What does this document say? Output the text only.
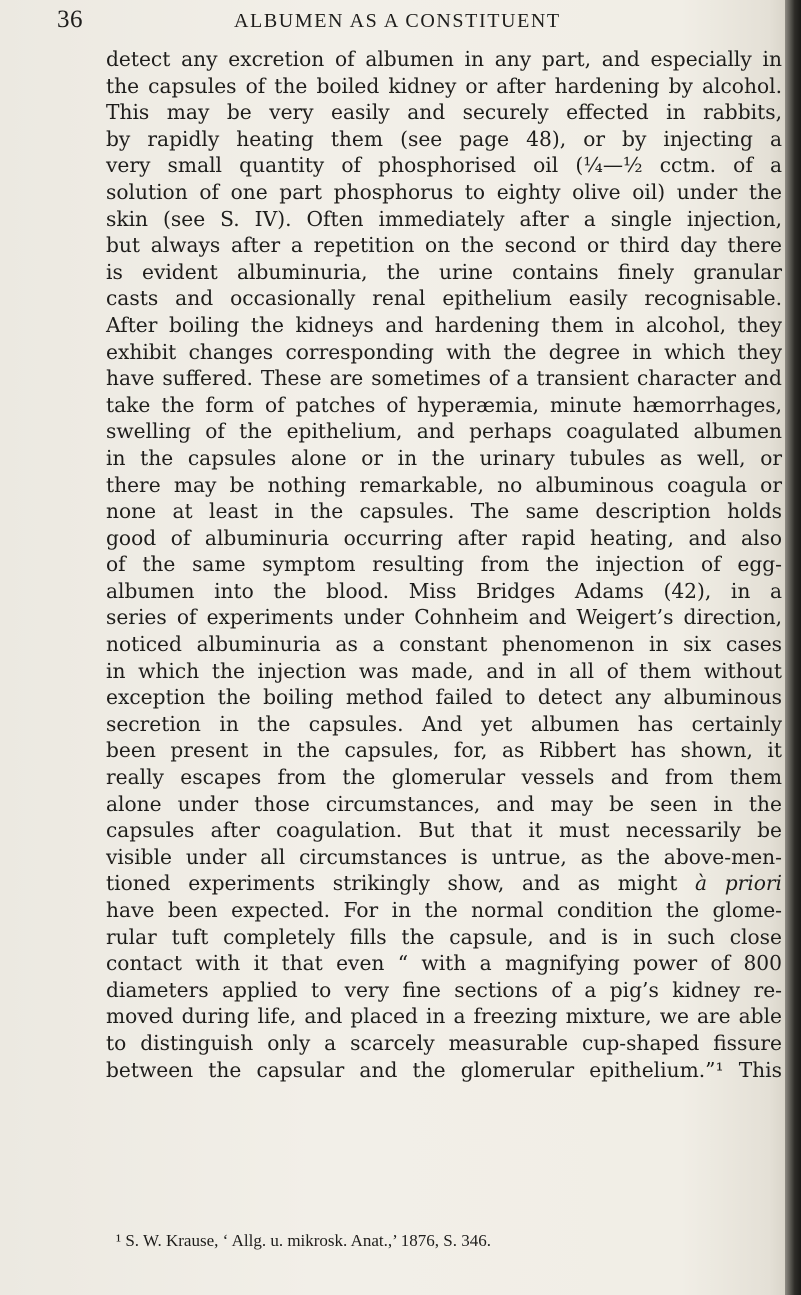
36	ALBUMEN AS A CONSTITUENT
detect any excretion of albumen in any part, and especially in
the capsules of the boiled kidney or after hardening by alcohol.
This may be very easily and securely effected in rabbits,
by rapidly heating them (see page 48), or by injecting a
very small quantity of phosphorised oil (¼—½ cctm. of a
solution of one part phosphorus to eighty olive oil) under the
skin (see S. IV). Often immediately after a single injection,
but always after a repetition on the second or third day there
is evident albuminuria, the urine contains finely granular
casts and occasionally renal epithelium easily recognisable.
After boiling the kidneys and hardening them in alcohol, they
exhibit changes corresponding with the degree in which they
have suffered. These are sometimes of a transient character and
take the form of patches of hyperæmia, minute hæmorrhages,
swelling of the epithelium, and perhaps coagulated albumen
in the capsules alone or in the urinary tubules as well, or
there may be nothing remarkable, no albuminous coagula or
none at least in the capsules. The same description holds
good of albuminuria occurring after rapid heating, and also
of the same symptom resulting from the injection of egg-
albumen into the blood. Miss Bridges Adams (42), in a
series of experiments under Cohnheim and Weigert’s direction,
noticed albuminuria as a constant phenomenon in six cases
in which the injection was made, and in all of them without
exception the boiling method failed to detect any albuminous
secretion in the capsules. And yet albumen has certainly
been present in the capsules, for, as Ribbert has shown, it
really escapes from the glomerular vessels and from them
alone under those circumstances, and may be seen in the
capsules after coagulation. But that it must necessarily be
visible under all circumstances is untrue, as the above-men-
tioned experiments strikingly show, and as might à priori
have been expected. For in the normal condition the glome-
rular tuft completely fills the capsule, and is in such close
contact with it that even “ with a magnifying power of 800
diameters applied to very fine sections of a pig’s kidney re-
moved during life, and placed in a freezing mixture, we are able
to distinguish only a scarcely measurable cup-shaped fissure
between the capsular and the glomerular epithelium.”¹ This
¹ S. W. Krause, ‘ Allg. u. mikrosk. Anat.,’ 1876, S. 346.
